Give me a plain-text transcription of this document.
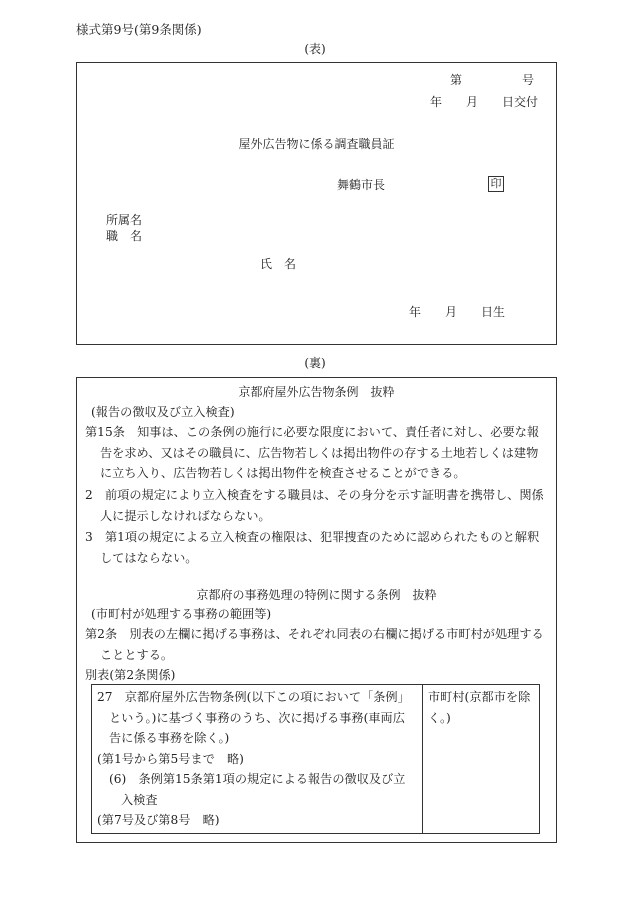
様式第9号(第9条関係)
(表)
第　　　　　号
年　　月　　日交付
屋外広告物に係る調査職員証
舞鶴市長	印
所属名
職　名
氏　名
年　　月　　日生
(裏)
京都府屋外広告物条例　抜粋
(報告の徴収及び立入検査)
第15条　知事は、この条例の施行に必要な限度において、責任者に対し、必要な報告を求め、又はその職員に、広告物若しくは掲出物件の存する土地若しくは建物に立ち入り、広告物若しくは掲出物件を検査させることができる。
2　前項の規定により立入検査をする職員は、その身分を示す証明書を携帯し、関係人に提示しなければならない。
3　第1項の規定による立入検査の権限は、犯罪捜査のために認められたものと解釈してはならない。
京都府の事務処理の特例に関する条例　抜粋
(市町村が処理する事務の範囲等)
第2条　別表の左欄に掲げる事務は、それぞれ同表の右欄に掲げる市町村が処理することとする。
別表(第2条関係)
27　京都府屋外広告物条例(以下この項において「条例」という。)に基づく事務のうち、次に掲げる事務(車両広告に係る事務を除く。)
(第1号から第5号まで　略)
(6)　条例第15条第1項の規定による報告の徴収及び立入検査
(第7号及び第8号　略)
	市町村(京都市を除く。)
